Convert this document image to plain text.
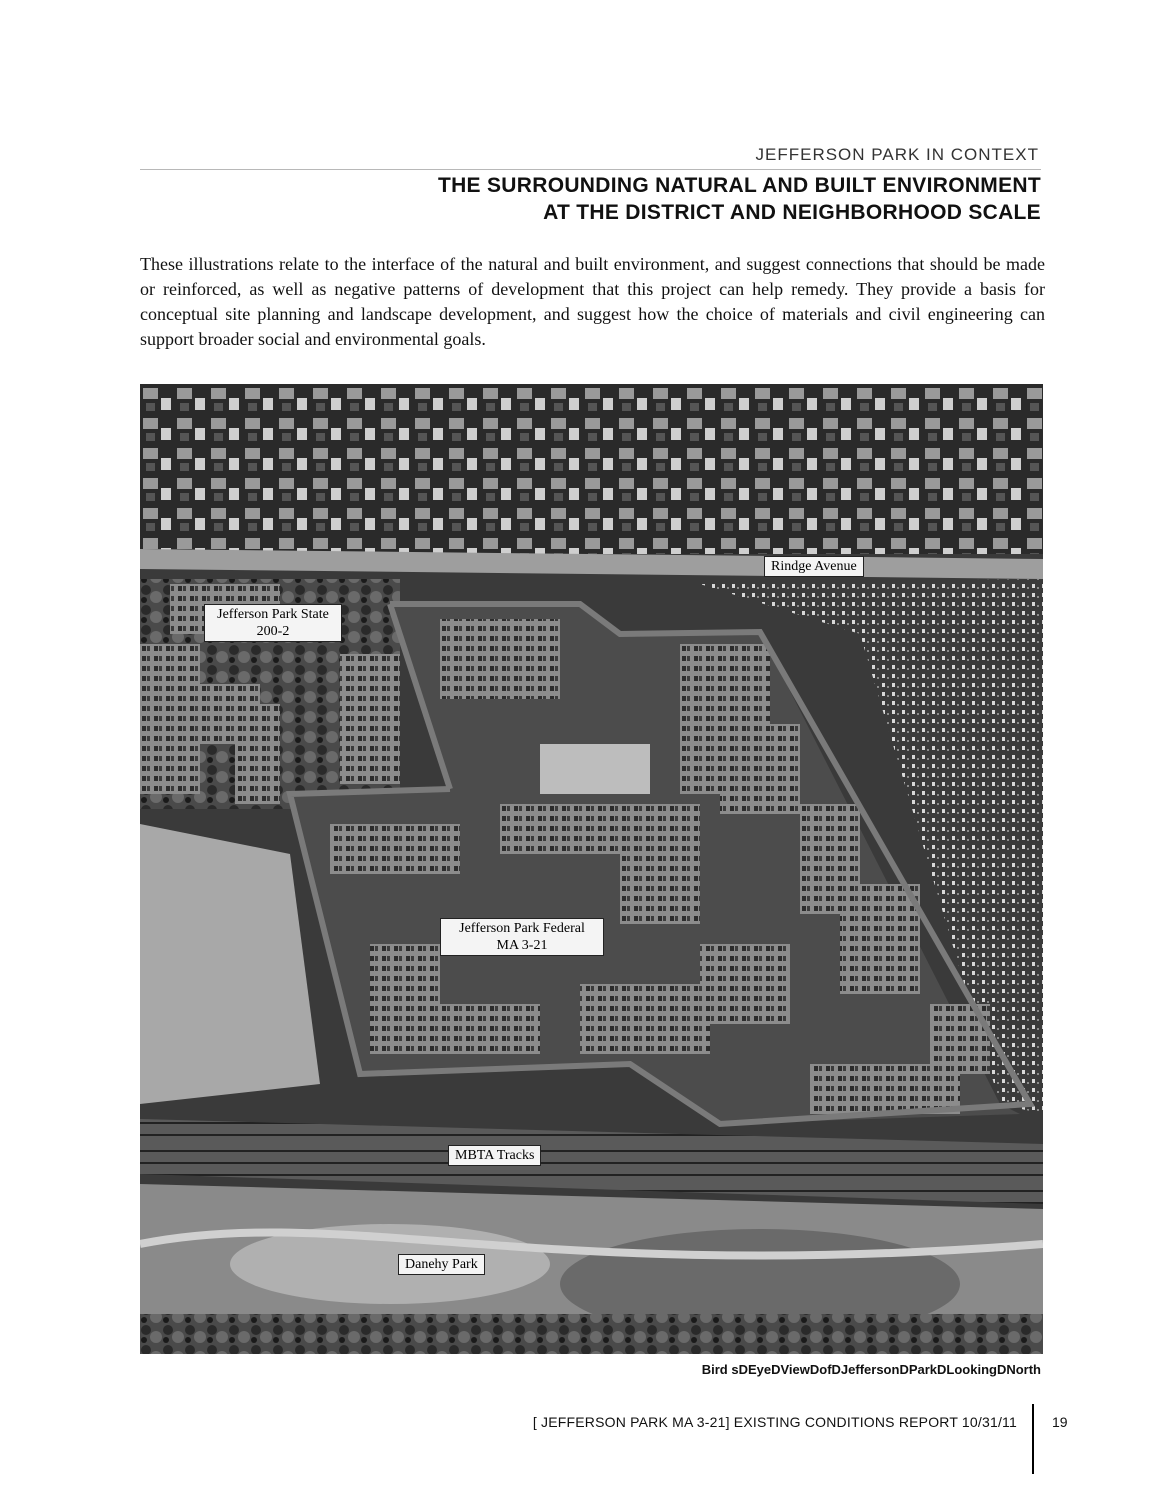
JEFFERSON PARK IN CONTEXT
THE SURROUNDING NATURAL AND BUILT ENVIRONMENT
AT THE DISTRICT AND NEIGHBORHOOD SCALE

These illustrations relate to the interface of the natural and built environment, and suggest connections that should be made or reinforced, as well as negative patterns of development that this project can help remedy. They provide a basis for conceptual site planning and landscape development, and suggest how the choice of materials and civil engineering can support broader social and environmental goals.

Rindge Avenue
Jefferson Park State
200-2
Jefferson Park Federal
MA 3-21
MBTA Tracks
Danehy Park
Bird sDEyeDViewDofDJeffersonDParkDLookingDNorth
[ JEFFERSON PARK MA 3-21] EXISTING CONDITIONS REPORT 10/31/11	19
